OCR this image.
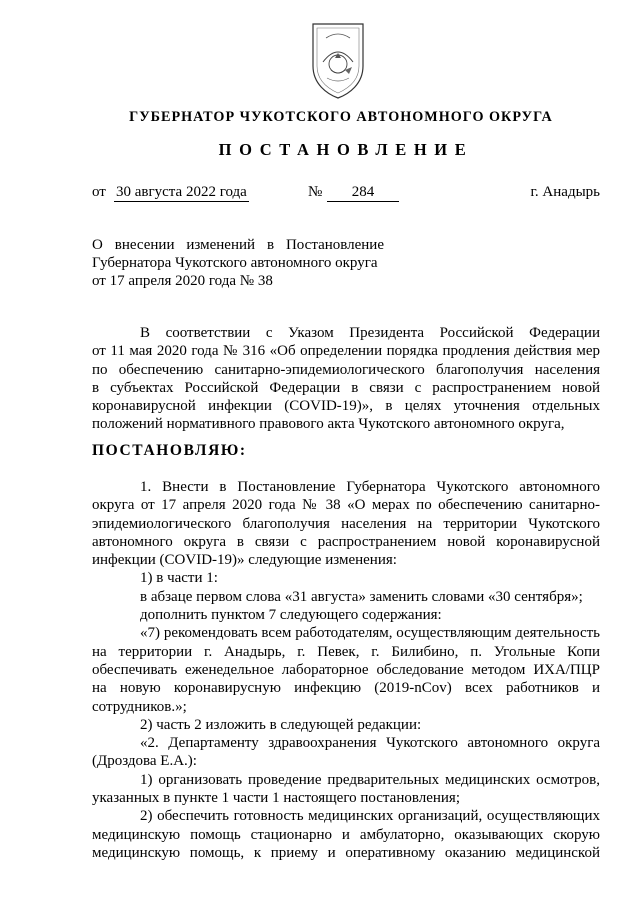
ГУБЕРНАТОР ЧУКОТСКОГО АВТОНОМНОГО ОКРУГА
ПОСТАНОВЛЕНИЕ
от 30 августа 2022 года	№	284	г. Анадырь
О внесении изменений в Постановление
Губернатора Чукотского автономного округа
от 17 апреля 2020 года № 38
В соответствии с Указом Президента Российской Федерации
от 11 мая 2020 года № 316 «Об определении порядка продления действия мер
по обеспечению санитарно-эпидемиологического благополучия населения
в субъектах Российской Федерации в связи с распространением новой
коронавирусной инфекции (COVID-19)», в целях уточнения отдельных
положений нормативного правового акта Чукотского автономного округа,
ПОСТАНОВЛЯЮ:
1. Внести в Постановление Губернатора Чукотского автономного
округа от 17 апреля 2020 года № 38 «О мерах по обеспечению санитарно-
эпидемиологического благополучия населения на территории Чукотского
автономного округа в связи с распространением новой коронавирусной
инфекции (COVID-19)» следующие изменения:
1) в части 1:
в абзаце первом слова «31 августа» заменить словами «30 сентября»;
дополнить пунктом 7 следующего содержания:
«7) рекомендовать всем работодателям, осуществляющим деятельность
на территории г. Анадырь, г. Певек, г. Билибино, п. Угольные Копи
обеспечивать еженедельное лабораторное обследование методом ИХА/ПЦР
на новую коронавирусную инфекцию (2019-nCov) всех работников и
сотрудников.»;
2) часть 2 изложить в следующей редакции:
«2. Департаменту здравоохранения Чукотского автономного округа
(Дроздова Е.А.):
1) организовать проведение предварительных медицинских осмотров,
указанных в пункте 1 части 1 настоящего постановления;
2) обеспечить готовность медицинских организаций, осуществляющих
медицинскую помощь стационарно и амбулаторно, оказывающих скорую
медицинскую помощь, к приему и оперативному оказанию медицинской
